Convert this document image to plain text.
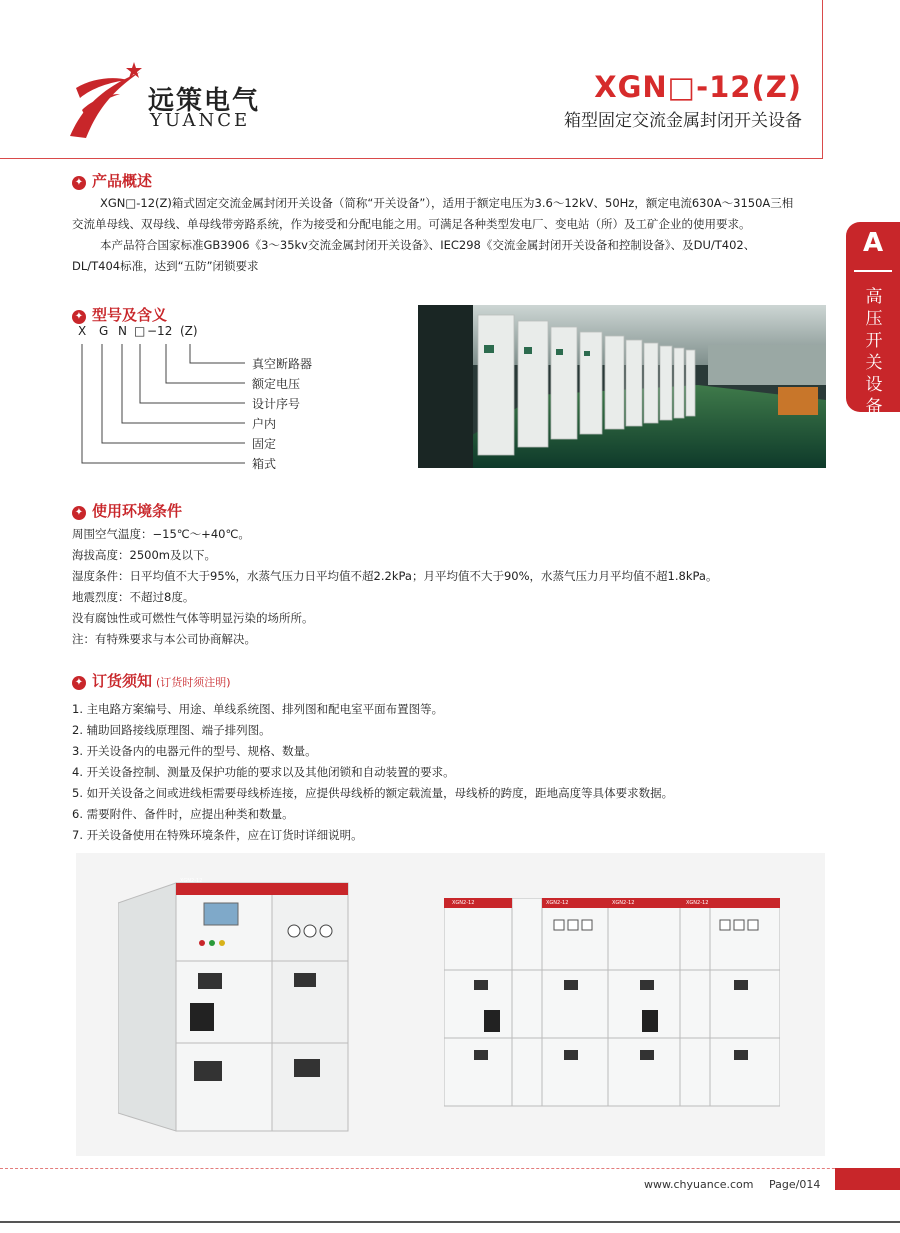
远策电气
YUANCE
XGN□-12(Z)
箱型固定交流金属封闭开关设备
A
高压开关设备
✦ 产品概述
XGN□-12(Z)箱式固定交流金属封闭开关设备（简称“开关设备”），适用于额定电压为3.6～12kV、50Hz，额定电流630A～3150A三相
交流单母线、双母线、单母线带旁路系统，作为接受和分配电能之用。可满足各种类型发电厂、变电站（所）及工矿企业的使用要求。
本产品符合国家标准GB3906《3～35kv交流金属封闭开关设备》、IEC298《交流金属封闭开关设备和控制设备》、及DU/T402、
DL/T404标准，达到“五防”闭锁要求
✦ 型号及含义
X G N □ −12 (Z)
真空断路器
额定电压
设计序号
户内
固定
箱式
✦ 使用环境条件
周围空气温度：−15℃～+40℃。
海拔高度：2500m及以下。
湿度条件：日平均值不大于95%，水蒸气压力日平均值不超2.2kPa；月平均值不大于90%，水蒸气压力月平均值不超1.8kPa。
地震烈度：不超过8度。
没有腐蚀性或可燃性气体等明显污染的场所所。
注：有特殊要求与本公司协商解决。
✦ 订货须知 (订货时须注明)
1. 主电路方案编号、用途、单线系统图、排列图和配电室平面布置图等。
2. 辅助回路接线原理图、端子排列图。
3. 开关设备内的电器元件的型号、规格、数量。
4. 开关设备控制、测量及保护功能的要求以及其他闭锁和自动装置的要求。
5. 如开关设备之间或进线柜需要母线桥连接，应提供母线桥的额定载流量，母线桥的跨度，距地高度等具体要求数据。
6. 需要附件、备件时，应提出种类和数量。
7. 开关设备使用在特殊环境条件，应在订货时详细说明。
XGN2-12
XGN2-12	XGN2-12	XGN2-12	XGN2-12
www.chyuance.com Page/014
